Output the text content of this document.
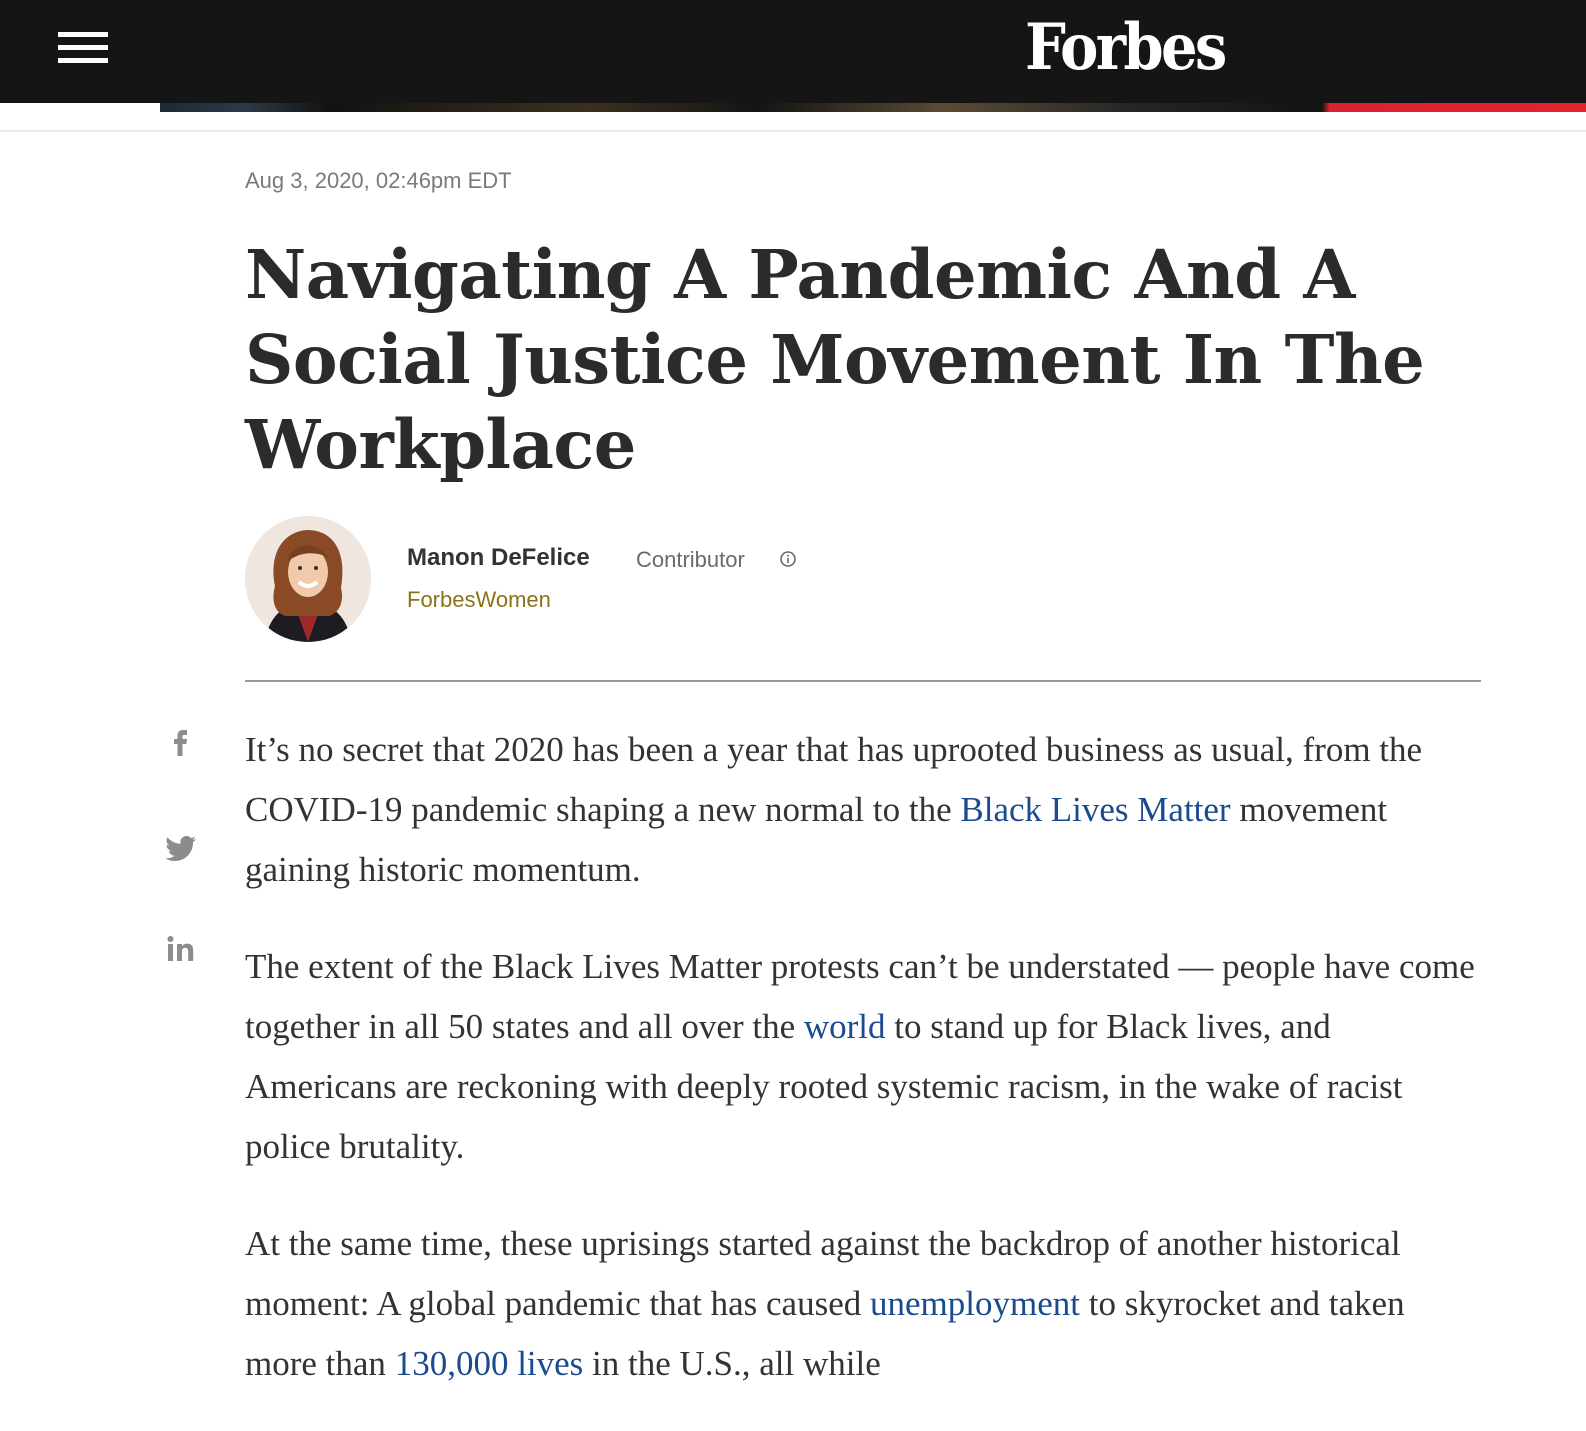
Forbes
Aug 3, 2020, 02:46pm EDT
Navigating A Pandemic And A Social Justice Movement In The Workplace
Manon DeFelice Contributor
ForbesWomen

It’s no secret that 2020 has been a year that has uprooted business as usual, from the COVID-19 pandemic shaping a new normal to the Black Lives Matter movement gaining historic momentum.

The extent of the Black Lives Matter protests can’t be understated — people have come together in all 50 states and all over the world to stand up for Black lives, and Americans are reckoning with deeply rooted systemic racism, in the wake of racist police brutality.

At the same time, these uprisings started against the backdrop of another historical moment: A global pandemic that has caused unemployment to skyrocket and taken more than 130,000 lives in the U.S., all while
